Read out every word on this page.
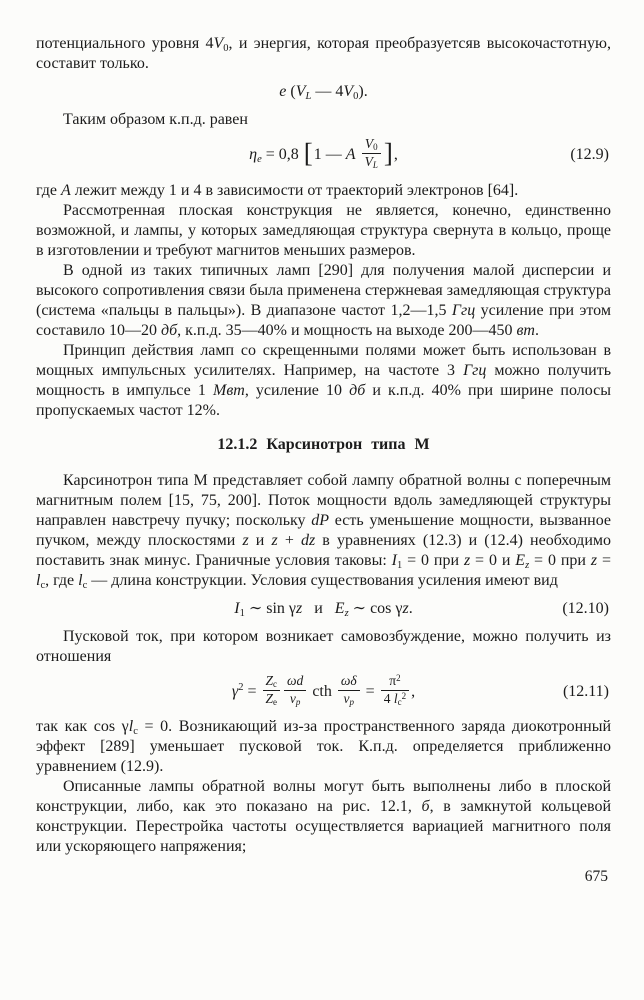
потенциального уровня $4V_0$, и энергия, которая преобразуетсяв высокочастотную, составит только.

e ($V_L$ — $4V_0$).

Таким образом к.п.д. равен

$\eta_e = 0,8$ [1 — A $\frac{V_0}{V_L}$ ],	(12.9)

где A лежит между 1 и 4 в зависимости от траекторий электронов [64].

Рассмотренная плоская конструкция не является, конечно, единственно возможной, и лампы, у которых замедляющая структура свернута в кольцо, проще в изготовлении и требуют магнитов меньших размеров.

В одной из таких типичных ламп [290] для получения малой дисперсии и высокого сопротивления связи была применена стержневая замедляющая структура (система «пальцы в пальцы»). В диапазоне частот 1,2—1,5 Ггц усиление при этом составило 10—20 дб, к.п.д. 35—40% и мощность на выходе 200—450 вт.

Принцип действия ламп со скрещенными полями может быть использован в мощных импульсных усилителях. Например, на частоте 3 Ггц можно получить мощность в импульсе 1 Мвт, усиление 10 дб и к.п.д. 40% при ширине полосы пропускаемых частот 12%.

12.1.2 Карсинотрон типа М

Карсинотрон типа М представляет собой лампу обратной волны с поперечным магнитным полем [15, 75, 200]. Поток мощности вдоль замедляющей структуры направлен навстречу пучку; поскольку dP есть уменьшение мощности, вызванное пучком, между плоскостями z и z + dz в уравнениях (12.3) и (12.4) необходимо поставить знак минус. Граничные условия таковы: $I_1 = 0$ при z = 0 и $E_z = 0$ при $z = l_c$, где $l_c$ — длина конструкции. Условия существования усиления имеют вид

$I_1$ ∼ sin γz   и   $E_z$ ∼ cos γz.	(12.10)

Пусковой ток, при котором возникает самовозбуждение, можно получить из отношения

$\gamma^2 = \frac{Z_c}{Z_e} \frac{\omega d}{v_p}$ cth $\frac{\omega\delta}{v_p} = \frac{\pi^2}{4 l_c^2}$ ,	(12.11)

так как $\cos \gamma l_c = 0$. Возникающий из-за пространственного заряда диокотронный эффект [289] уменьшает пусковой ток. К.п.д. определяется приближенно уравнением (12.9).

Описанные лампы обратной волны могут быть выполнены либо в плоской конструкции, либо, как это показано на рис. 12.1, б, в замкнутой кольцевой конструкции. Перестройка частоты осуществляется вариацией магнитного поля или ускоряющего напряжения;

675
